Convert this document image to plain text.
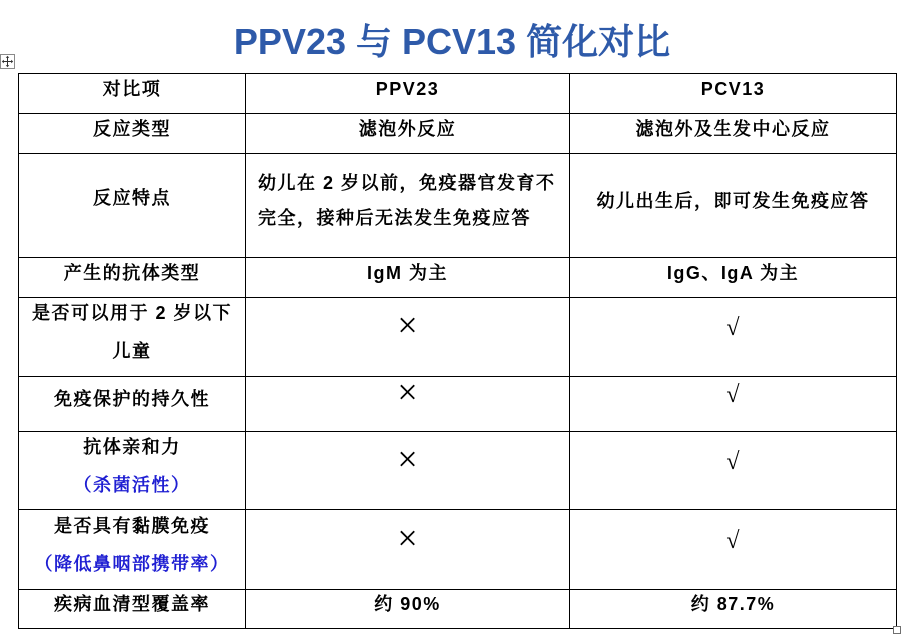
PPV23 与 PCV13 简化对比
对比项	PPV23	PCV13

反应类型	滤泡外反应	滤泡外及生发中心反应

反应特点	幼儿在 2 岁以前，免疫器官发育不
完全，接种后无法发生免疫应答	幼儿出生后，即可发生免疫应答

产生的抗体类型	IgM 为主	IgG、IgA 为主

是否可以用于 2 岁以下
儿童	×	√

免疫保护的持久性	×	√

抗体亲和力
（杀菌活性）	×	√

是否具有黏膜免疫
（降低鼻咽部携带率）	×	√

疾病血清型覆盖率	约 90%	约 87.7%
